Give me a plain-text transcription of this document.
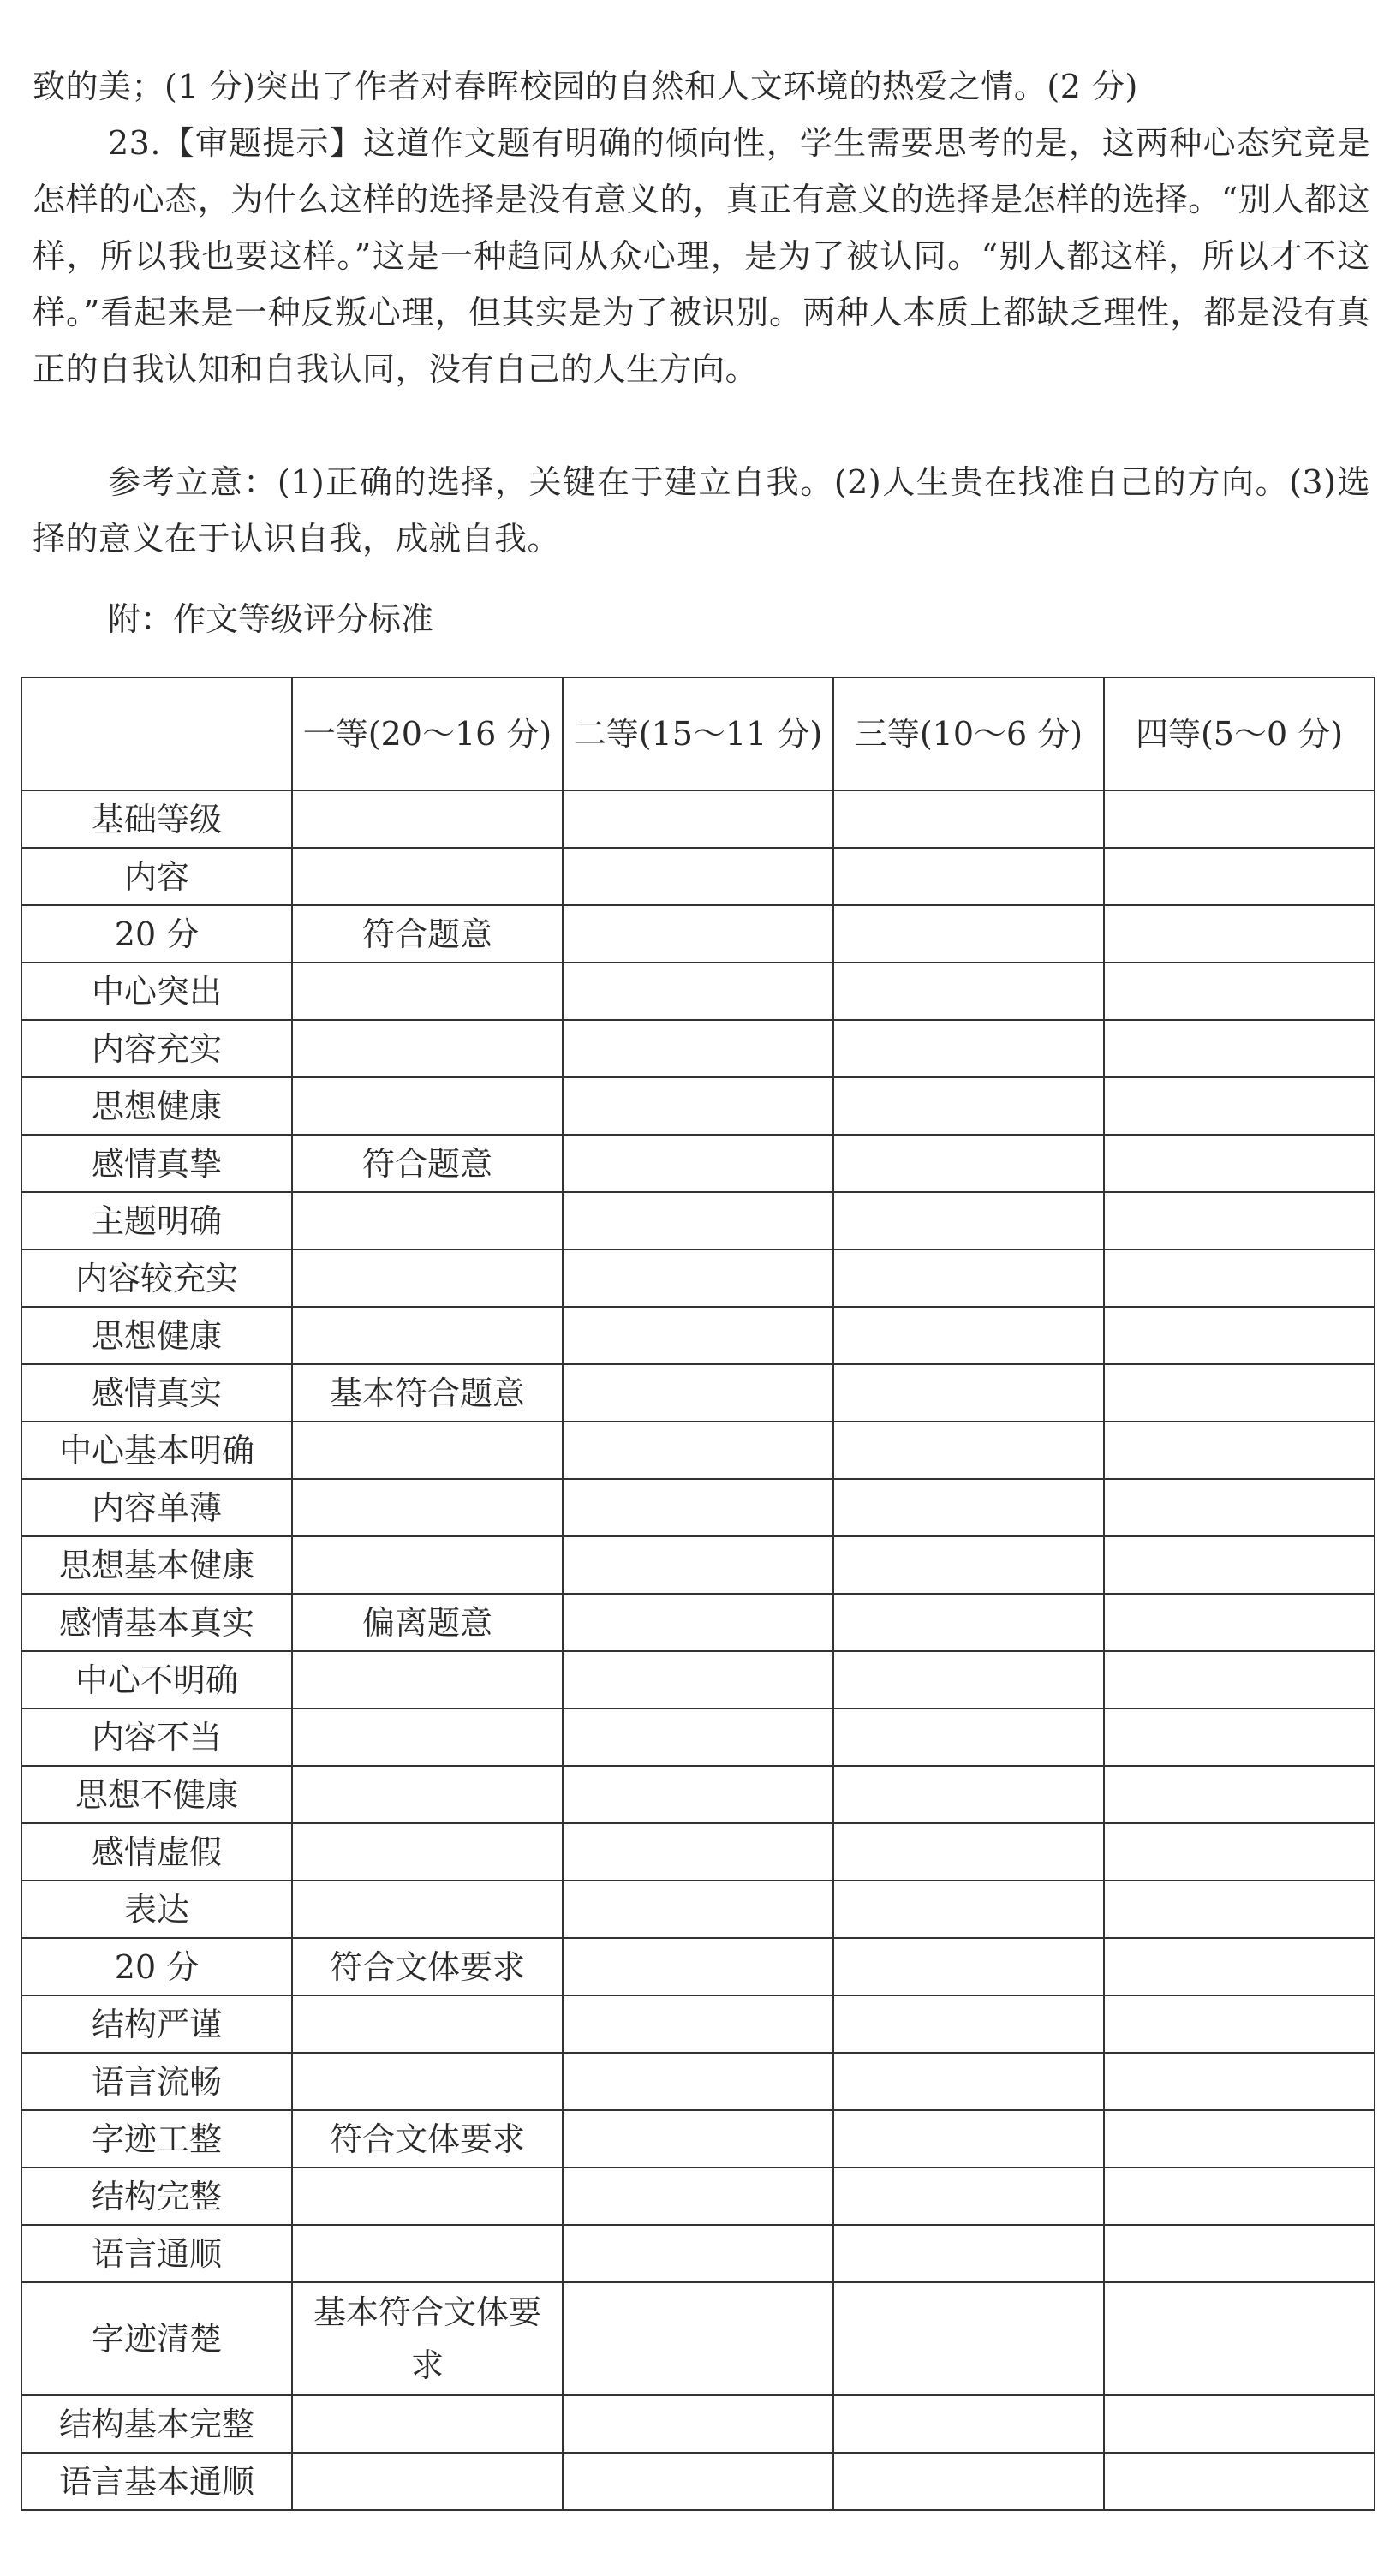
致的美；(1 分)突出了作者对春晖校园的自然和人文环境的热爱之情。(2 分)

23.【审题提示】这道作文题有明确的倾向性，学生需要思考的是，这两种心态究竟是怎样的心态，为什么这样的选择是没有意义的，真正有意义的选择是怎样的选择。“别人都这样，所以我也要这样。”这是一种趋同从众心理，是为了被认同。“别人都这样，所以才不这样。”看起来是一种反叛心理，但其实是为了被识别。两种人本质上都缺乏理性，都是没有真正的自我认知和自我认同，没有自己的人生方向。

参考立意：(1)正确的选择，关键在于建立自我。(2)人生贵在找准自己的方向。(3)选择的意义在于认识自我，成就自我。

附：作文等级评分标准

	一等(20～16 分)	二等(15～11 分)	三等(10～6 分)	四等(5～0 分)
基础等级				
内容				
20 分	符合题意			
中心突出				
内容充实				
思想健康				
感情真挚	符合题意			
主题明确				
内容较充实				
思想健康				
感情真实	基本符合题意			
中心基本明确				
内容单薄				
思想基本健康				
感情基本真实	偏离题意			
中心不明确				
内容不当				
思想不健康				
感情虚假				
表达				
20 分	符合文体要求			
结构严谨				
语言流畅				
字迹工整	符合文体要求			
结构完整				
语言通顺				
字迹清楚	基本符合文体要求			
结构基本完整				
语言基本通顺				
